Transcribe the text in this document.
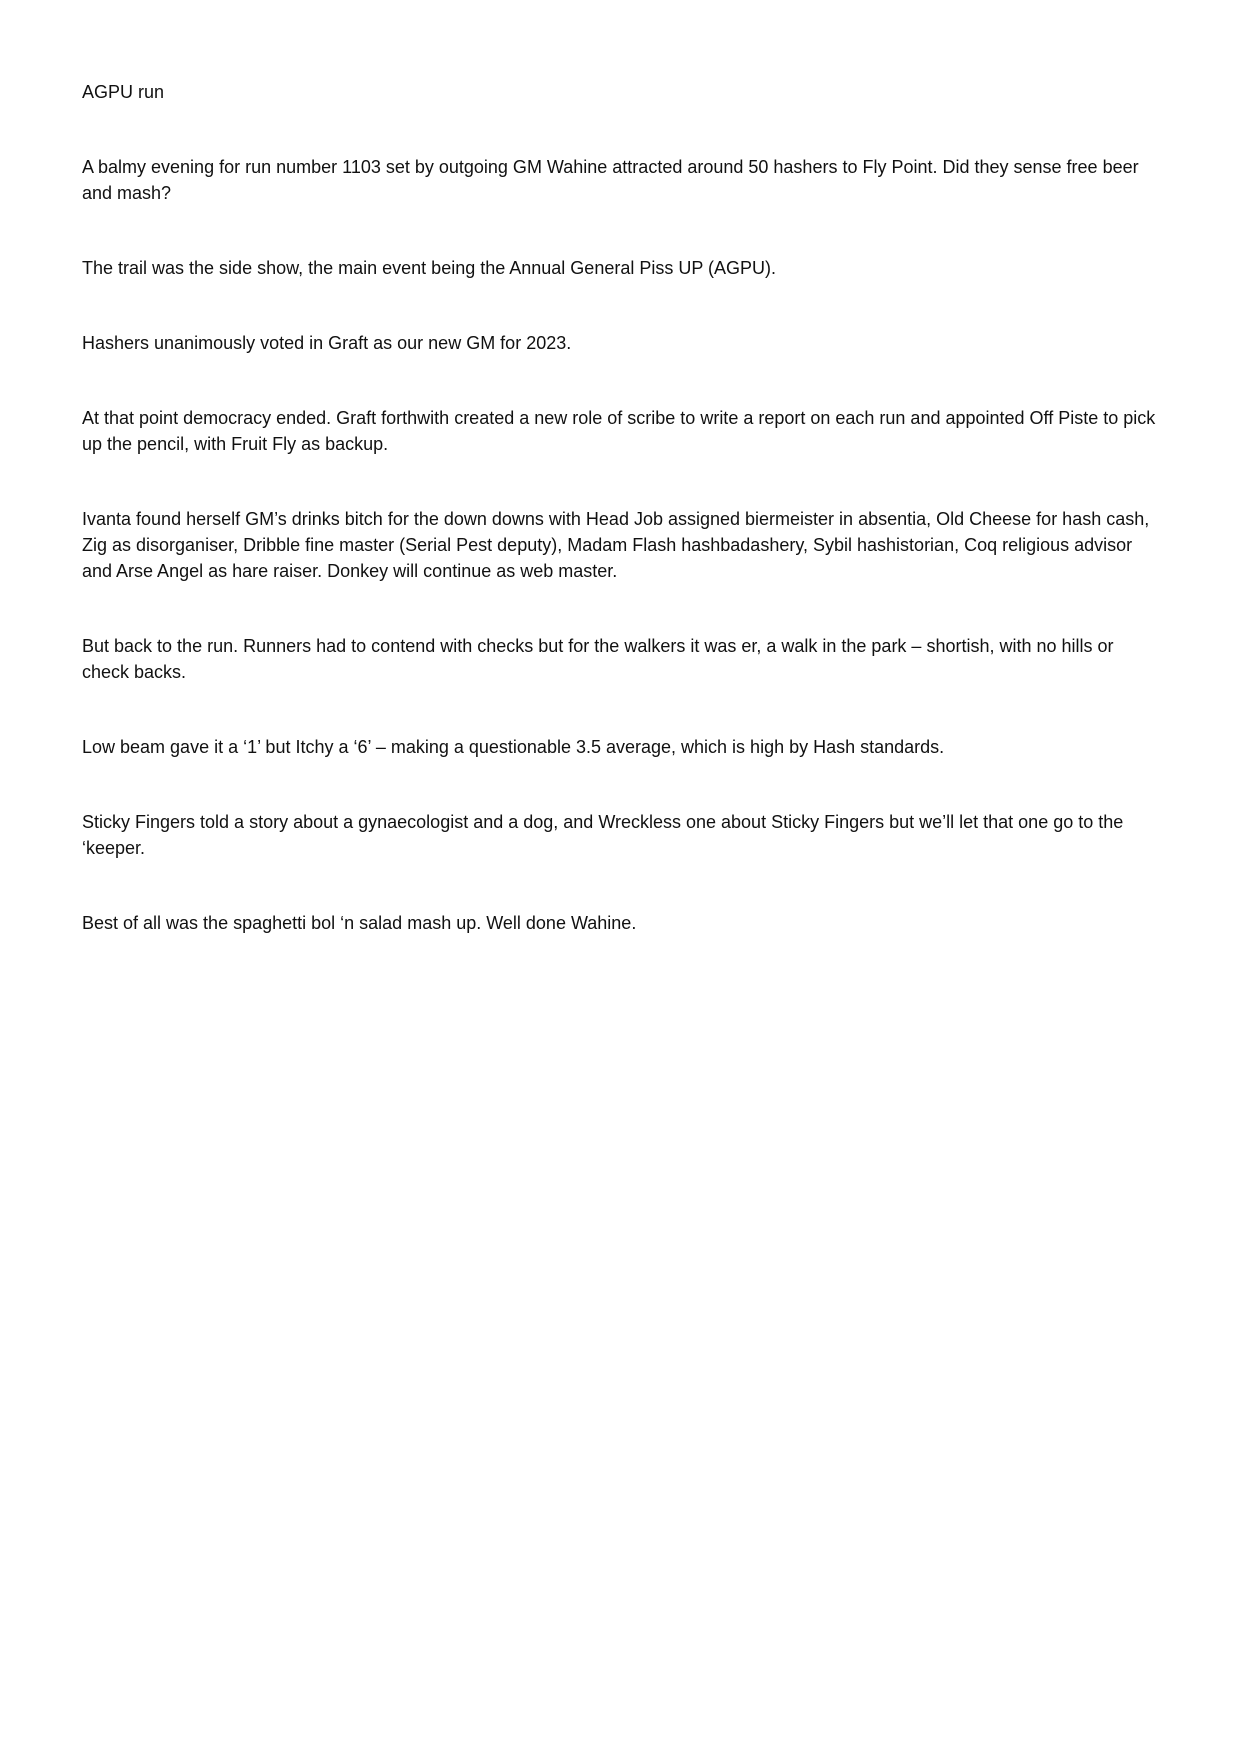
AGPU run

A balmy evening for run number 1103 set by outgoing GM Wahine attracted around 50 hashers to Fly Point. Did they sense free beer and mash?

The trail was the side show, the main event being the Annual General Piss UP (AGPU).

Hashers unanimously voted in Graft as our new GM for 2023.

At that point democracy ended. Graft forthwith created a new role of scribe to write a report on each run and appointed Off Piste to pick up the pencil, with Fruit Fly as backup.

Ivanta found herself GM’s drinks bitch for the down downs with Head Job assigned biermeister in absentia, Old Cheese for hash cash, Zig as disorganiser, Dribble fine master (Serial Pest deputy), Madam Flash hashbadashery, Sybil hashistorian, Coq religious advisor and Arse Angel as hare raiser. Donkey will continue as web master.

But back to the run. Runners had to contend with checks but for the walkers it was er, a walk in the park – shortish, with no hills or check backs.

Low beam gave it a ‘1’ but Itchy a ‘6’ – making a questionable 3.5 average, which is high by Hash standards.

Sticky Fingers told a story about a gynaecologist and a dog, and Wreckless one about Sticky Fingers but we’ll let that one go to the ‘keeper.

Best of all was the spaghetti bol ‘n salad mash up. Well done Wahine.
